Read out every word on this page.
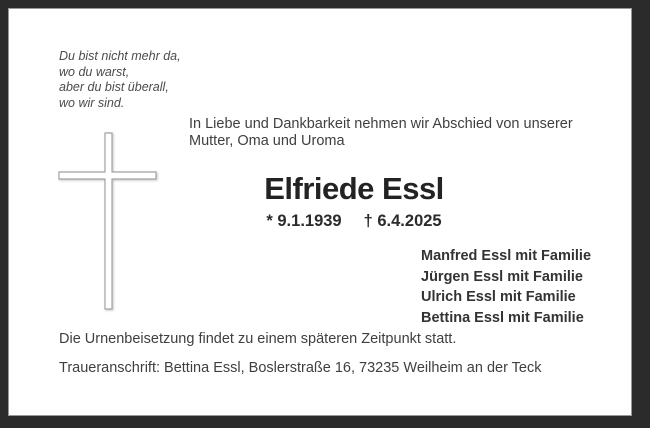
Du bist nicht mehr da,
wo du warst,
aber du bist überall,
wo wir sind.
In Liebe und Dankbarkeit nehmen wir Abschied von unserer
Mutter, Oma und Uroma
Elfriede Essl
* 9.1.1939 † 6.4.2025
Manfred Essl mit Familie
Jürgen Essl mit Familie
Ulrich Essl mit Familie
Bettina Essl mit Familie
Die Urnenbeisetzung findet zu einem späteren Zeitpunkt statt.
Traueranschrift: Bettina Essl, Boslerstraße 16, 73235 Weilheim an der Teck
